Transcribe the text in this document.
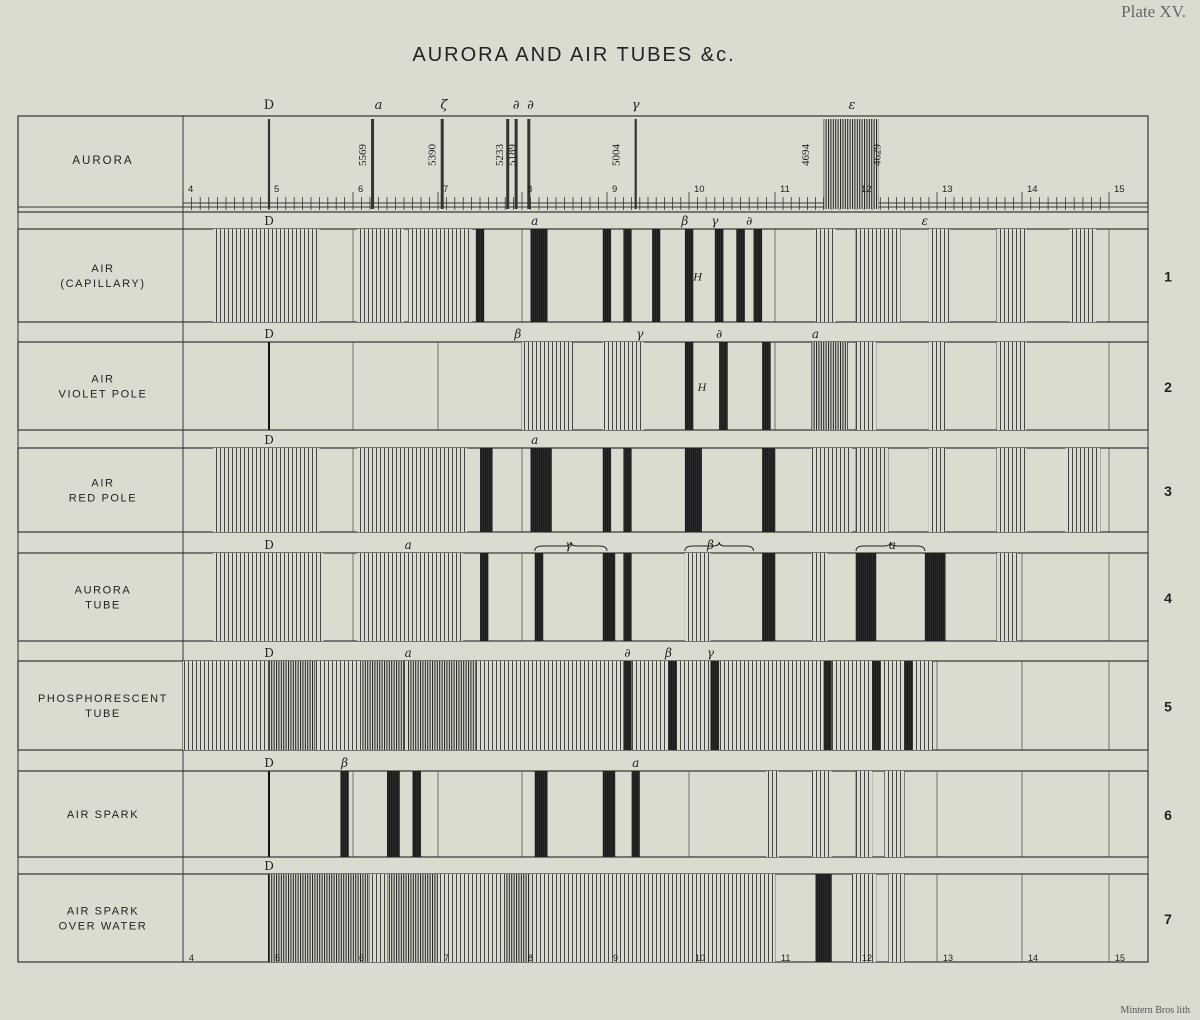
Plate XV.
AURORA AND AIR TUBES &c.
AURORA
D	a	ζ	∂ ∂	γ	ε
5569	5390	5233 5189	5004	4694	4629
4	5	6	7	8	9	10	11	12	13	14	15
D	a	β γ ∂	ε
H
AIR
(CAPILLARY)	1
D	β	γ	∂	a
H
AIR
VIOLET POLE	2
D	a
AIR
RED POLE	3
D	a	γ	β	a
AURORA
TUBE	4
D	a	∂	β	γ
PHOSPHORESCENT
TUBE	5
D	β	a
AIR SPARK	6
D
AIR SPARK
OVER WATER	7
4	5	6	7	8	9	10	11	12	13	14	15
Mintern Bros lith
